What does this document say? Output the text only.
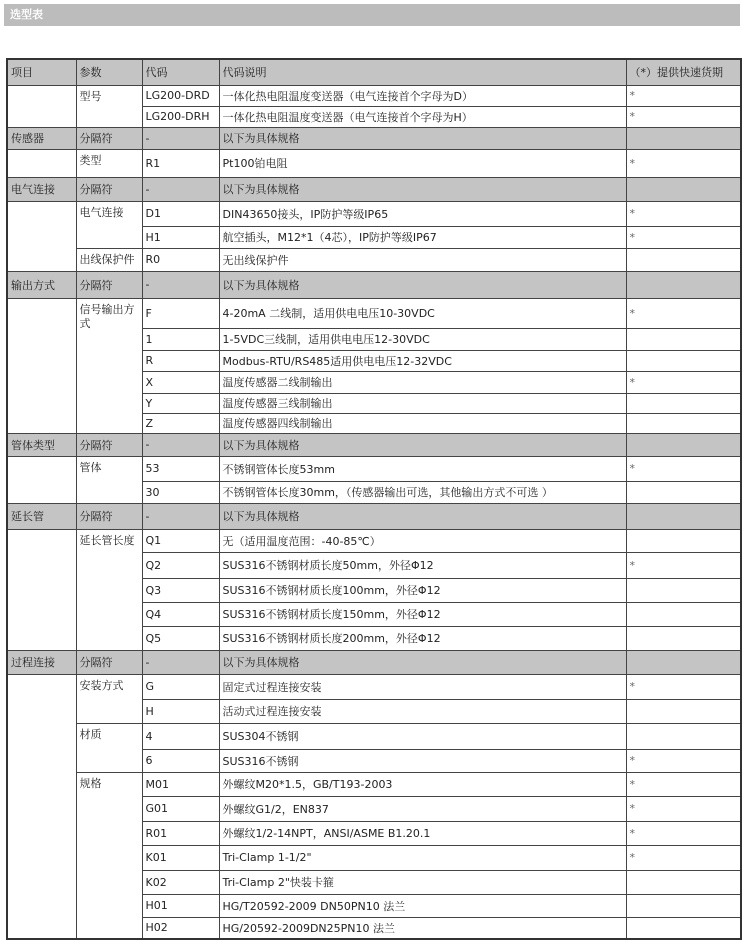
选型表
项目	参数	代码	代码说明	（*）提供快速货期
	型号	LG200-DRD	一体化热电阻温度变送器（电气连接首个字母为D）	*
		LG200-DRH	一体化热电阻温度变送器（电气连接首个字母为H）	*
传感器	分隔符	-	以下为具体规格	
	类型	R1	Pt100铂电阻	*
电气连接	分隔符	-	以下为具体规格	
	电气连接	D1	DIN43650接头，IP防护等级IP65	*
		H1	航空插头，M12*1（4芯），IP防护等级IP67	*
	出线保护件	R0	无出线保护件	
输出方式	分隔符	-	以下为具体规格	
	信号输出方式	F	4-20mA 二线制，适用供电电压10-30VDC	*
		1	1-5VDC三线制，适用供电电压12-30VDC	
		R	Modbus-RTU/RS485适用供电电压12-32VDC	
		X	温度传感器二线制输出	*
		Y	温度传感器三线制输出	
		Z	温度传感器四线制输出	
管体类型	分隔符	-	以下为具体规格	
	管体	53	不锈钢管体长度53mm	*
		30	不锈钢管体长度30mm，（传感器输出可选，其他输出方式不可选 ）	
延长管	分隔符	-	以下为具体规格	
	延长管长度	Q1	无（适用温度范围：-40-85℃）	
		Q2	SUS316不锈钢材质长度50mm，外径Φ12	*
		Q3	SUS316不锈钢材质长度100mm，外径Φ12	
		Q4	SUS316不锈钢材质长度150mm，外径Φ12	
		Q5	SUS316不锈钢材质长度200mm，外径Φ12	
过程连接	分隔符	-	以下为具体规格	
	安装方式	G	固定式过程连接安装	*
		H	活动式过程连接安装	
	材质	4	SUS304不锈钢	
		6	SUS316不锈钢	*
	规格	M01	外螺纹M20*1.5，GB/T193-2003	*
		G01	外螺纹G1/2，EN837	*
		R01	外螺纹1/2-14NPT，ANSI/ASME B1.20.1	*
		K01	Tri-Clamp 1-1/2"	*
		K02	Tri-Clamp 2"快装卡箍	
		H01	HG/T20592-2009 DN50PN10 法兰	
		H02	HG/20592-2009DN25PN10 法兰	
